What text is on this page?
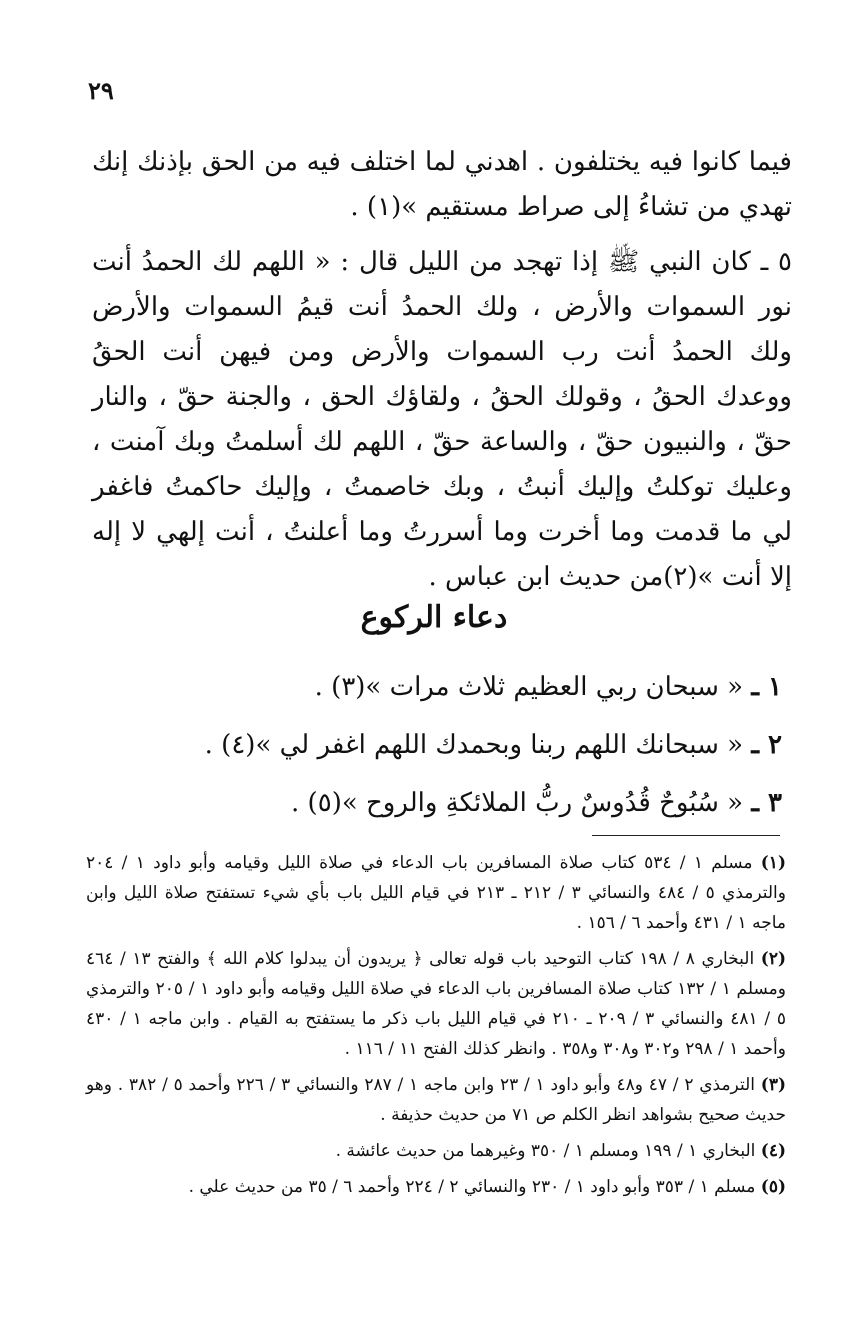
٢٩
فيما كانوا فيه يختلفون . اهدني لما اختلف فيه من الحق بإذنك إنك تهدي من تشاءُ إلى صراط مستقيم »(١) .
٥ ـ كان النبي ﷺ إذا تهجد من الليل قال : « اللهم لك الحمدُ أنت نور السموات والأرض ، ولك الحمدُ أنت قيمُ السموات والأرض ولك الحمدُ أنت رب السموات والأرض ومن فيهن أنت الحقُ ووعدك الحقُ ، وقولك الحقُ ، ولقاؤك الحق ، والجنة حقّ ، والنار حقّ ، والنبيون حقّ ، والساعة حقّ ، اللهم لك أسلمتُ وبك آمنت ، وعليك توكلتُ وإليك أنبتُ ، وبك خاصمتُ ، وإليك حاكمتُ فاغفر لي ما قدمت وما أخرت وما أسررتُ وما أعلنتُ ، أنت إلهي لا إله إلا أنت »(٢)من حديث ابن عباس .
دعاء الركوع
١ ـ « سبحان ربي العظيم ثلاث مرات »(٣) .
٢ ـ « سبحانك اللهم ربنا وبحمدك اللهم اغفر لي »(٤) .
٣ ـ « سُبُوحٌ قُدُوسٌ ربُّ الملائكةِ والروح »(٥) .
(١) مسلم ١ / ٥٣٤ كتاب صلاة المسافرين باب الدعاء في صلاة الليل وقيامه وأبو داود ١ / ٢٠٤ والترمذي ٥ / ٤٨٤ والنسائي ٣ / ٢١٢ ـ ٢١٣ في قيام الليل باب بأي شيء تستفتح صلاة الليل وابن ماجه ١ / ٤٣١ وأحمد ٦ / ١٥٦ .
(٢) البخاري ٨ / ١٩٨ كتاب التوحيد باب قوله تعالى ﴿ يريدون أن يبدلوا كلام الله ﴾ والفتح ١٣ / ٤٦٤ ومسلم ١ / ١٣٢ كتاب صلاة المسافرين باب الدعاء في صلاة الليل وقيامه وأبو داود ١ / ٢٠٥ والترمذي ٥ / ٤٨١ والنسائي ٣ / ٢٠٩ ـ ٢١٠ في قيام الليل باب ذكر ما يستفتح به القيام . وابن ماجه ١ / ٤٣٠ وأحمد ١ / ٢٩٨ و٣٠٢ و٣٠٨ و٣٥٨ . وانظر كذلك الفتح ١١ / ١١٦ .
(٣) الترمذي ٢ / ٤٧ و٤٨ وأبو داود ١ / ٢٣ وابن ماجه ١ / ٢٨٧ والنسائي ٣ / ٢٢٦ وأحمد ٥ / ٣٨٢ . وهو حديث صحيح بشواهد انظر الكلم ص ٧١ من حديث حذيفة .
(٤) البخاري ١ / ١٩٩ ومسلم ١ / ٣٥٠ وغيرهما من حديث عائشة .
(٥) مسلم ١ / ٣٥٣ وأبو داود ١ / ٢٣٠ والنسائي ٢ / ٢٢٤ وأحمد ٦ / ٣٥ من حديث علي .
